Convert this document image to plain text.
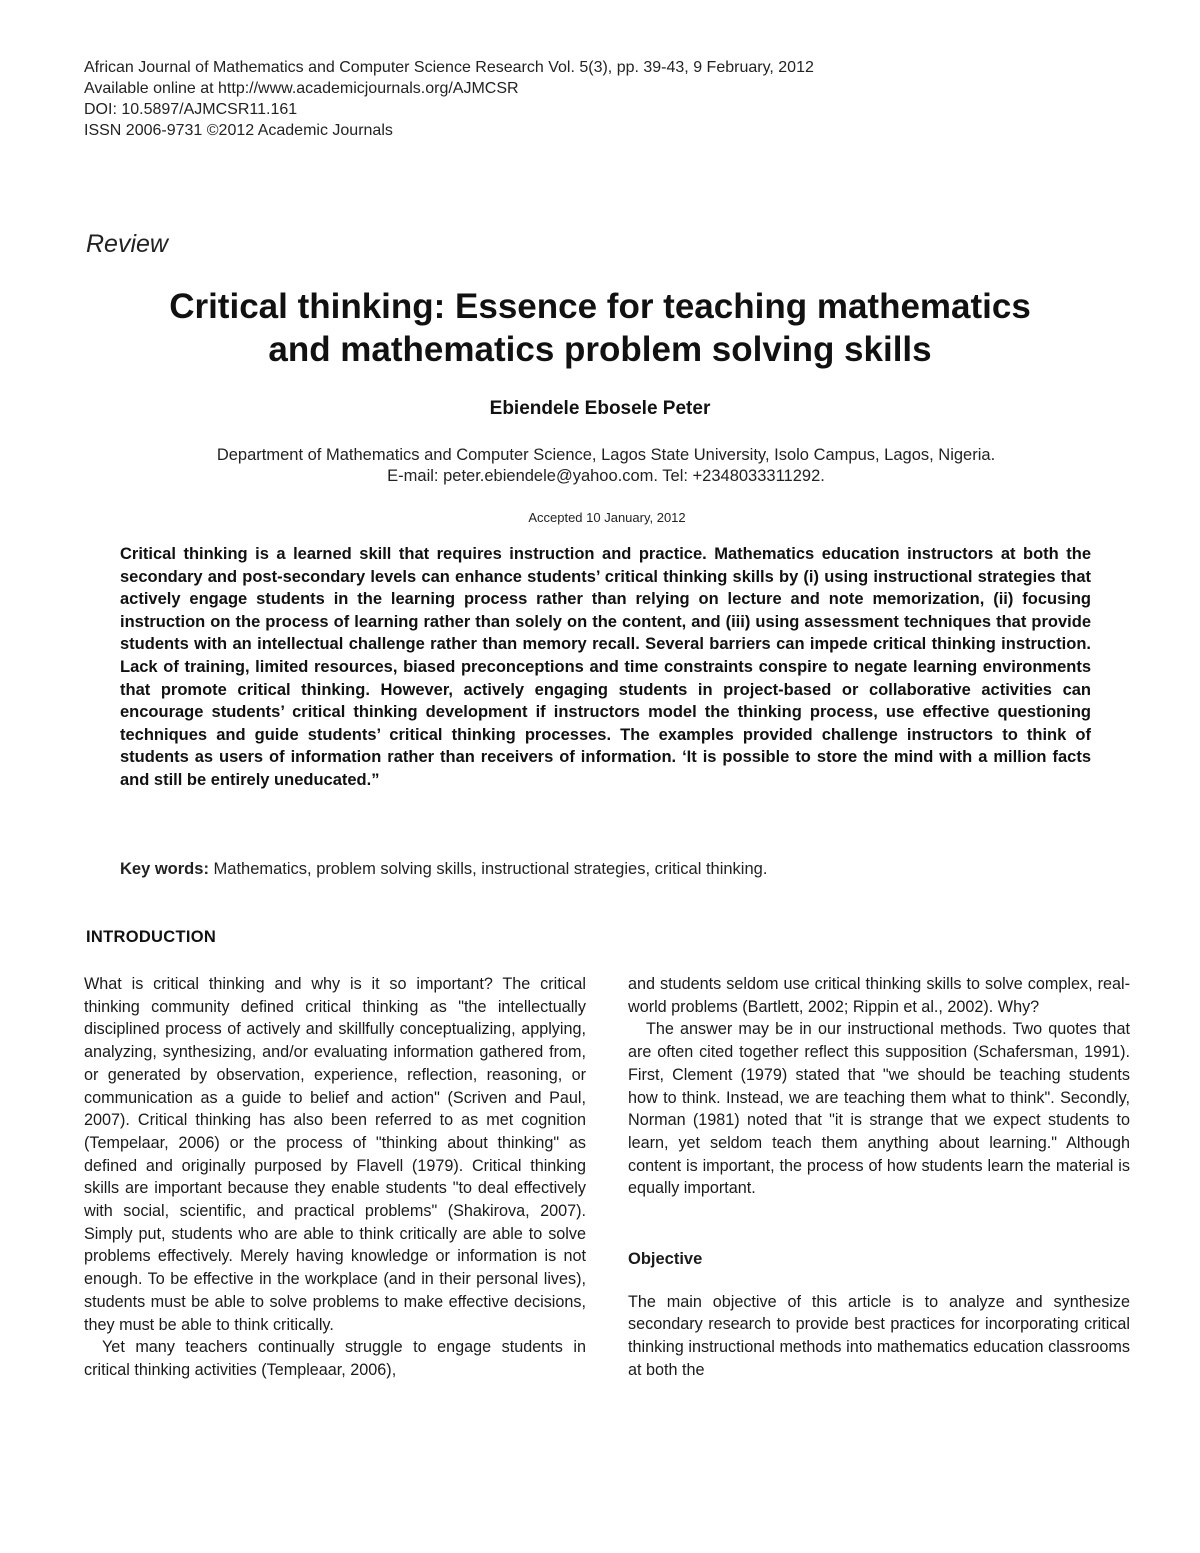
African Journal of Mathematics and Computer Science Research Vol. 5(3), pp. 39-43, 9 February, 2012
Available online at http://www.academicjournals.org/AJMCSR
DOI: 10.5897/AJMCSR11.161
ISSN 2006-9731 ©2012 Academic Journals
Review
Critical thinking: Essence for teaching mathematics
and mathematics problem solving skills
Ebiendele Ebosele Peter
Department of Mathematics and Computer Science, Lagos State University, Isolo Campus, Lagos, Nigeria.
E-mail: peter.ebiendele@yahoo.com. Tel: +2348033311292.
Accepted 10 January, 2012
Critical thinking is a learned skill that requires instruction and practice. Mathematics education instructors at both the secondary and post-secondary levels can enhance students’ critical thinking skills by (i) using instructional strategies that actively engage students in the learning process rather than relying on lecture and note memorization, (ii) focusing instruction on the process of learning rather than solely on the content, and (iii) using assessment techniques that provide students with an intellectual challenge rather than memory recall. Several barriers can impede critical thinking instruction. Lack of training, limited resources, biased preconceptions and time constraints conspire to negate learning environments that promote critical thinking. However, actively engaging students in project-based or collaborative activities can encourage students’ critical thinking development if instructors model the thinking process, use effective questioning techniques and guide students’ critical thinking processes. The examples provided challenge instructors to think of students as users of information rather than receivers of information. ‘It is possible to store the mind with a million facts and still be entirely uneducated.”
Key words: Mathematics, problem solving skills, instructional strategies, critical thinking.
INTRODUCTION

What is critical thinking and why is it so important? The critical thinking community defined critical thinking as "the intellectually disciplined process of actively and skillfully conceptualizing, applying, analyzing, synthesizing, and/or evaluating information gathered from, or generated by observation, experience, reflection, reasoning, or communication as a guide to belief and action" (Scriven and Paul, 2007). Critical thinking has also been referred to as met cognition (Tempelaar, 2006) or the process of "thinking about thinking" as defined and originally purposed by Flavell (1979). Critical thinking skills are important because they enable students "to deal effectively with social, scientific, and practical problems" (Shakirova, 2007). Simply put, students who are able to think critically are able to solve problems effectively. Merely having knowledge or information is not enough. To be effective in the workplace (and in their personal lives), students must be able to solve problems to make effective decisions, they must be able to think critically.

Yet many teachers continually struggle to engage students in critical thinking activities (Templeaar, 2006),

and students seldom use critical thinking skills to solve complex, real-world problems (Bartlett, 2002; Rippin et al., 2002). Why?

The answer may be in our instructional methods. Two quotes that are often cited together reflect this supposition (Schafersman, 1991). First, Clement (1979) stated that "we should be teaching students how to think. Instead, we are teaching them what to think". Secondly, Norman (1981) noted that "it is strange that we expect students to learn, yet seldom teach them anything about learning." Although content is important, the process of how students learn the material is equally important.

Objective

The main objective of this article is to analyze and synthesize secondary research to provide best practices for incorporating critical thinking instructional methods into mathematics education classrooms at both the
